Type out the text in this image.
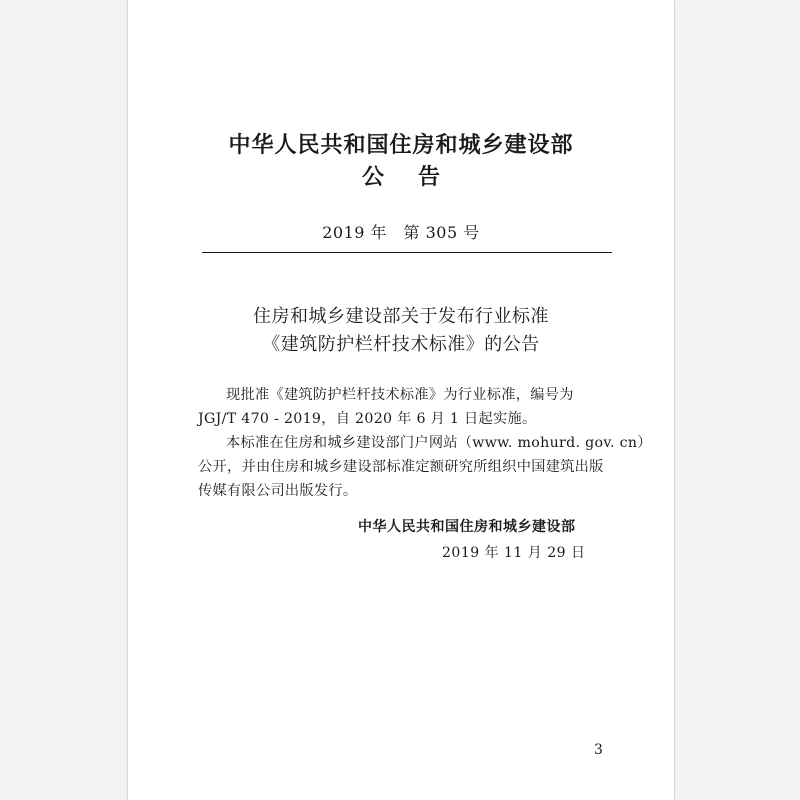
中华人民共和国住房和城乡建设部
公告
2019 年　第 305 号
住房和城乡建设部关于发布行业标准
《建筑防护栏杆技术标准》的公告
现批准《建筑防护栏杆技术标准》为行业标准，编号为
JGJ/T 470 - 2019，自 2020 年 6 月 1 日起实施。
本标准在住房和城乡建设部门户网站（www. mohurd. gov. cn）
公开，并由住房和城乡建设部标准定额研究所组织中国建筑出版
传媒有限公司出版发行。
中华人民共和国住房和城乡建设部
2019 年 11 月 29 日
3
